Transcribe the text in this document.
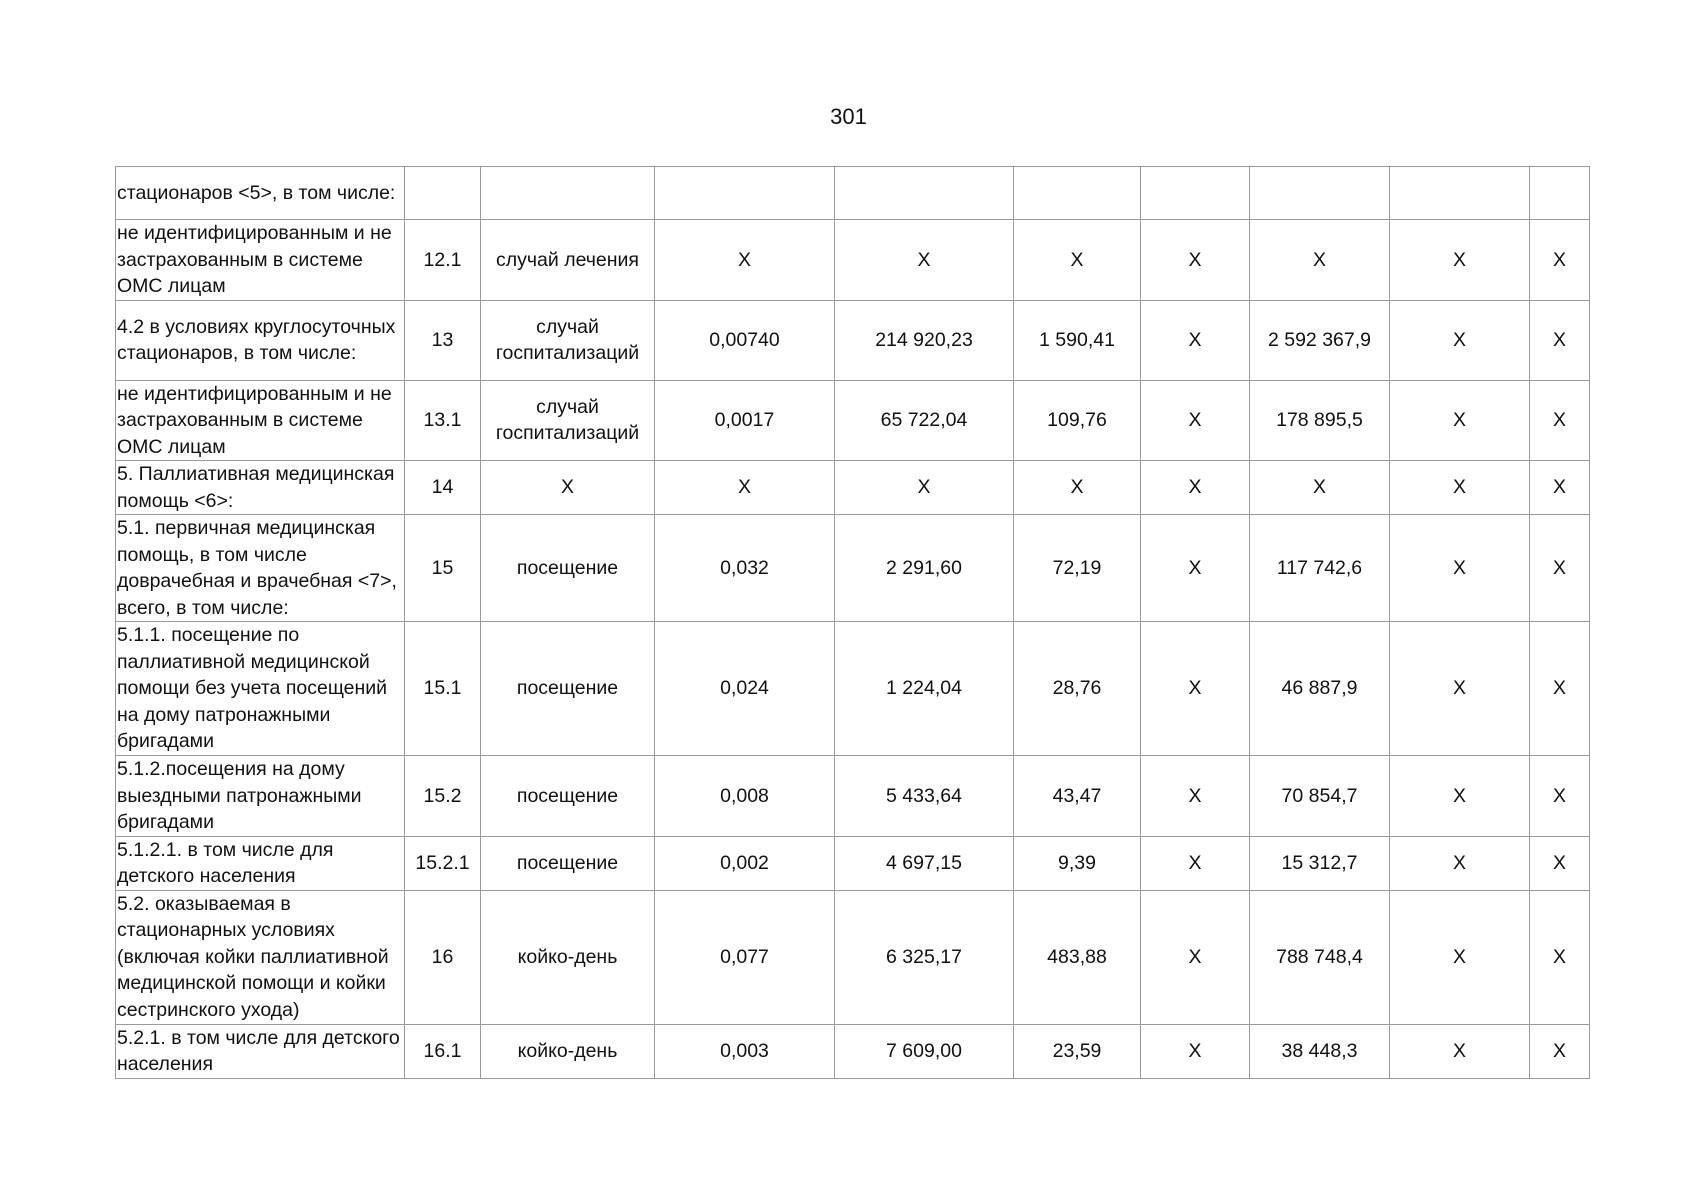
301
стационаров <5>, в том числе:									
не идентифицированным и не застрахованным в системе ОМС лицам	12.1	случай лечения	Х	Х	Х	Х	Х	Х	Х
4.2 в условиях круглосуточных стационаров, в том числе:	13	случай госпитализаций	0,00740	214 920,23	1 590,41	Х	2 592 367,9	Х	Х
не идентифицированным и не застрахованным в системе ОМС лицам	13.1	случай госпитализаций	0,0017	65 722,04	109,76	Х	178 895,5	Х	Х
5. Паллиативная медицинская помощь <6>:	14	Х	Х	Х	Х	Х	Х	Х	Х
5.1. первичная медицинская помощь, в том числе доврачебная и врачебная <7>, всего, в том числе:	15	посещение	0,032	2 291,60	72,19	Х	117 742,6	Х	Х
5.1.1. посещение по паллиативной медицинской помощи без учета посещений на дому патронажными бригадами	15.1	посещение	0,024	1 224,04	28,76	Х	46 887,9	Х	Х
5.1.2.посещения на дому выездными патронажными бригадами	15.2	посещение	0,008	5 433,64	43,47	Х	70 854,7	Х	Х
5.1.2.1. в том числе для детского населения	15.2.1	посещение	0,002	4 697,15	9,39	Х	15 312,7	Х	Х
5.2. оказываемая в стационарных условиях (включая койки паллиативной медицинской помощи и койки сестринского ухода)	16	койко-день	0,077	6 325,17	483,88	Х	788 748,4	Х	Х
5.2.1. в том числе для детского населения	16.1	койко-день	0,003	7 609,00	23,59	Х	38 448,3	Х	Х
